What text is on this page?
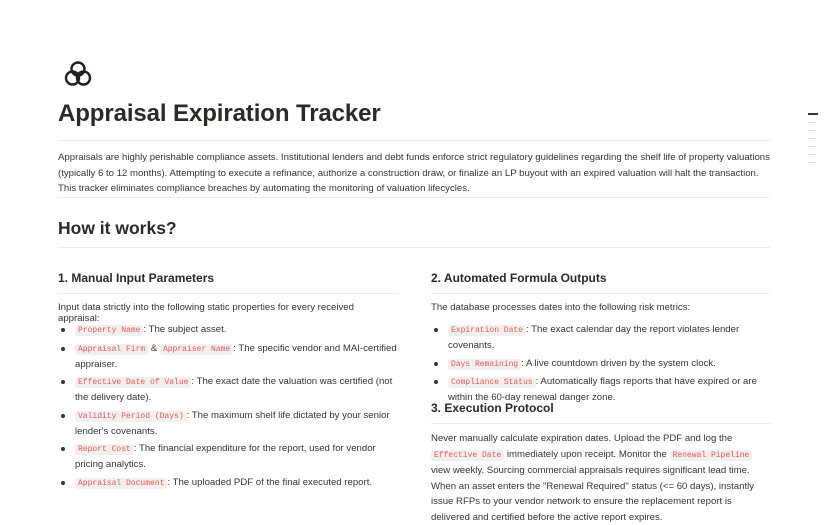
Appraisal Expiration Tracker

Appraisals are highly perishable compliance assets. Institutional lenders and debt funds enforce strict regulatory guidelines regarding the shelf life of property valuations (typically 6 to 12 months). Attempting to execute a refinance, authorize a construction draw, or finalize an LP buyout with an expired valuation will halt the transaction. This tracker eliminates compliance breaches by automating the monitoring of valuation lifecycles.

How it works?
1. Manual Input Parameters

Input data strictly into the following static properties for every received appraisal:

Property Name : The subject asset.
Appraisal Firm & Appraiser Name : The specific vendor and MAI-certified appraiser.
Effective Date of Value : The exact date the valuation was certified (not the delivery date).
Validity Period (Days) : The maximum shelf life dictated by your senior lender's covenants.
Report Cost : The financial expenditure for the report, used for vendor pricing analytics.
Appraisal Document : The uploaded PDF of the final executed report.
2. Automated Formula Outputs

The database processes dates into the following risk metrics:

Expiration Date : The exact calendar day the report violates lender covenants.
Days Remaining : A live countdown driven by the system clock.
Compliance Status : Automatically flags reports that have expired or are within the 60-day renewal danger zone.
3. Execution Protocol

Never manually calculate expiration dates. Upload the PDF and log the Effective Date immediately upon receipt. Monitor the Renewal Pipeline view weekly. Sourcing commercial appraisals requires significant lead time. When an asset enters the "Renewal Required" status (<= 60 days), instantly issue RFPs to your vendor network to ensure the replacement report is delivered and certified before the active report expires.
